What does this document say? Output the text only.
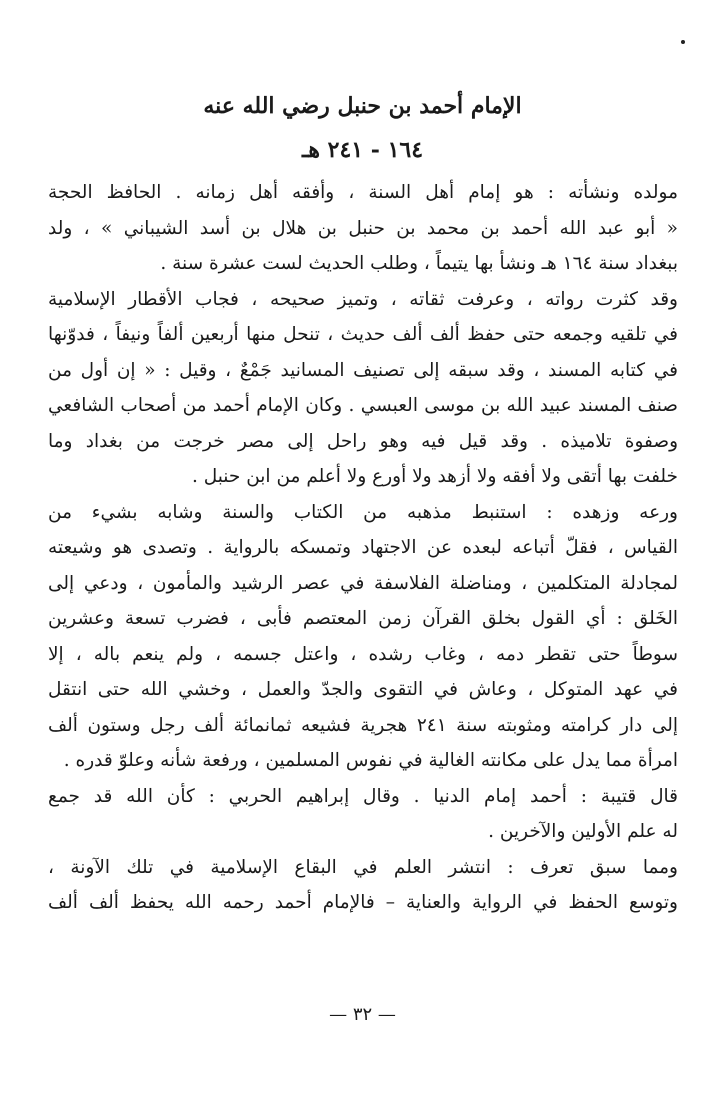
الإمام أحمد بن حنبل رضي الله عنه
١٦٤ - ٢٤١ هـ
مولده ونشأته : هو إمام أهل السنة ، وأفقه أهل زمانه . الحافظ الحجة
« أبو عبد الله أحمد بن محمد بن حنبل بن هلال بن أسد الشيباني » ، ولد
ببغداد سنة ١٦٤ هـ ونشأ بها يتيماً ، وطلب الحديث لست عشرة سنة .
وقد كثرت رواته ، وعرفت ثقاته ، وتميز صحيحه ، فجاب الأقطار الإسلامية
في تلقيه وجمعه حتى حفظ ألف ألف حديث ، تنحل منها أربعين ألفاً ونيفاً ، فدوّنها
في كتابه المسند ، وقد سبقه إلى تصنيف المسانيد جَمْعٌ ، وقيل : « إن أول من
صنف المسند عبيد الله بن موسى العبسي . وكان الإمام أحمد من أصحاب الشافعي
وصفوة تلاميذه . وقد قيل فيه وهو راحل إلى مصر خرجت من بغداد وما
خلفت بها أتقى ولا أفقه ولا أزهد ولا أورع ولا أعلم من ابن حنبل .
ورعه وزهده : استنبط مذهبه من الكتاب والسنة وشابه بشيء من
القياس ، فقلّ أتباعه لبعده عن الاجتهاد وتمسكه بالرواية . وتصدى هو وشيعته
لمجادلة المتكلمين ، ومناضلة الفلاسفة في عصر الرشيد والمأمون ، ودعي إلى
الخَلق : أي القول بخلق القرآن زمن المعتصم فأبى ، فضرب تسعة وعشرين
سوطاً حتى تقطر دمه ، وغاب رشده ، واعتل جسمه ، ولم ينعم باله ، إلا
في عهد المتوكل ، وعاش في التقوى والجدّ والعمل ، وخشي الله حتى انتقل
إلى دار كرامته ومثوبته سنة ٢٤١ هجرية فشيعه ثمانمائة ألف رجل وستون ألف
امرأة مما يدل على مكانته الغالية في نفوس المسلمين ، ورفعة شأنه وعلوّ قدره .
قال قتيبة : أحمد إمام الدنيا . وقال إبراهيم الحربي : كأن الله قد جمع
له علم الأولين والآخرين .
ومما سبق تعرف : انتشر العلم في البقاع الإسلامية في تلك الآونة ،
وتوسع الحفظ في الرواية والعناية – فالإمام أحمد رحمه الله يحفظ ألف ألف
— ٣٢ —
